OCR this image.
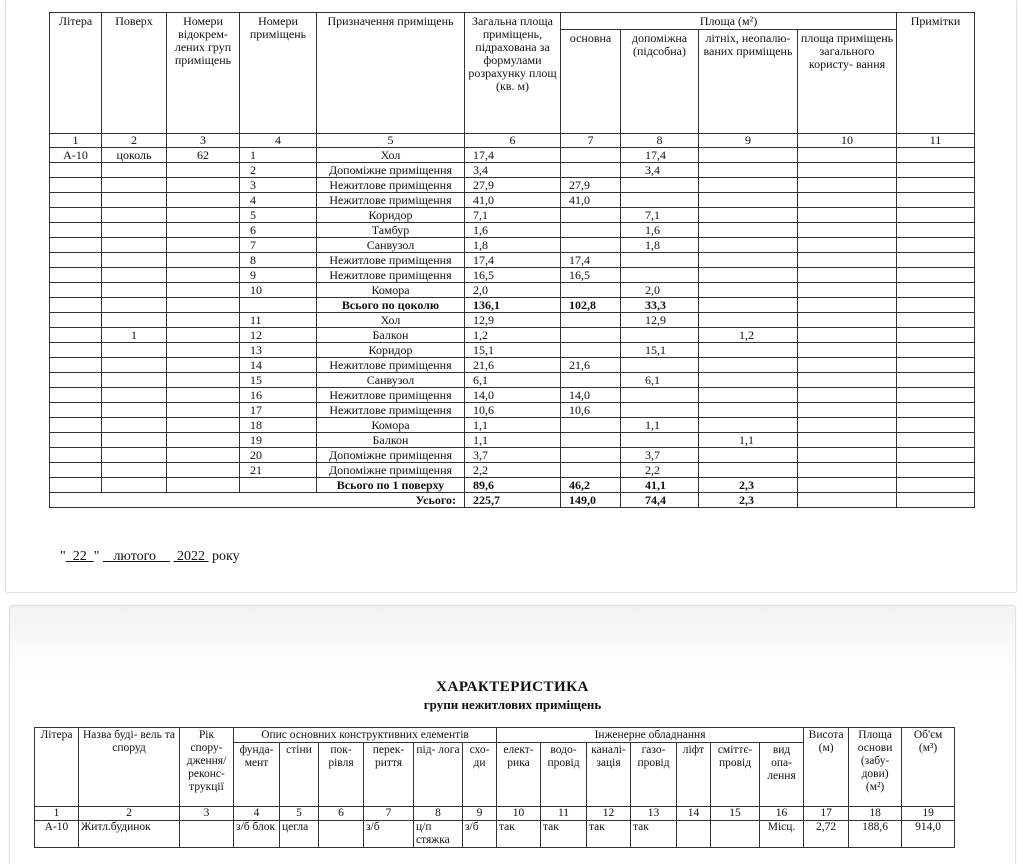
Літера	Поверх	Номери відокрем- лених груп приміщень	Номери приміщень	Призначення приміщень	Загальна площа приміщень, підрахована за формулами розрахунку площ (кв. м)	Площа (м²)				Примітки
						основна	допоміжна (підсобна)	літніх, неопалю- ваних приміщень	площа приміщень загального користу- вання	
1	2	3	4	5	6	7	8	9	10	11
А-10	цоколь	62	1	Хол	17,4		17,4			
			2	Допоміжне приміщення	3,4		3,4			
			3	Нежитлове приміщення	27,9	27,9				
			4	Нежитлове приміщення	41,0	41,0				
			5	Коридор	7,1		7,1			
			6	Тамбур	1,6		1,6			
			7	Санвузол	1,8		1,8			
			8	Нежитлове приміщення	17,4	17,4				
			9	Нежитлове приміщення	16,5	16,5				
			10	Комора	2,0		2,0			
				Всього по цоколю	136,1	102,8	33,3			
			11	Хол	12,9		12,9			
	1		12	Балкон	1,2			1,2		
			13	Коридор	15,1		15,1			
			14	Нежитлове приміщення	21,6	21,6				
			15	Санвузол	6,1		6,1			
			16	Нежитлове приміщення	14,0	14,0				
			17	Нежитлове приміщення	10,6	10,6				
			18	Комора	1,1		1,1			
			19	Балкон	1,1			1,1		
			20	Допоміжне приміщення	3,7		3,7			
			21	Допоміжне приміщення	2,2		2,2			
				Всього по 1 поверху	89,6	46,2	41,1	2,3		
Усього:					225,7	149,0	74,4	2,3		
" 22 " лютого 2022 року
ХАРАКТЕРИСТИКА
групи нежитлових приміщень
Літера	Назва буді- вель та споруд	Рік спору- дження/ реконс- трукції	Опис основних конструктивних елементів						Інженерне обладнання							Висота (м)	Площа основи (забу- дови) (м²)	Об'єм (м³)
			фунда- мент	стіни	пок- рівля	перек- риття	під- лога	схо- ди	елект- рика	водо- провід	каналі- зація	газо- провід	ліфт	сміттє- провід	вид опа- лення			
1	2	3	4	5	6	7	8	9	10	11	12	13	14	15	16	17	18	19
А-10	Житл.будинок		з/б блок	цегла		з/б	ц/п стяжка	з/б	так	так	так	так			Місц.	2,72	188,6	914,0
